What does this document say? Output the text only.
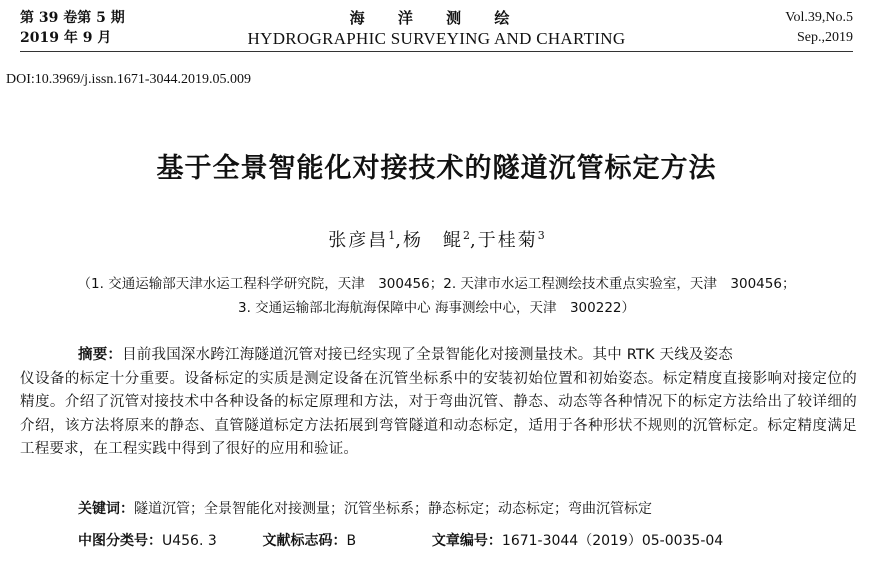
第 39 卷第 5 期
2019 年 9 月
海 洋 测 绘
HYDROGRAPHIC SURVEYING AND CHARTING
Vol.39,No.5
Sep.,2019
DOI:10.3969/j.issn.1671-3044.2019.05.009
基于全景智能化对接技术的隧道沉管标定方法
张彦昌$^1$,杨　鲲$^2$,于桂菊$^3$
（1. 交通运输部天津水运工程科学研究院，天津　300456；2. 天津市水运工程测绘技术重点实验室，天津　300456；
3. 交通运输部北海航海保障中心 海事测绘中心，天津　300222）
摘要：目前我国深水跨江海隧道沉管对接已经实现了全景智能化对接测量技术。其中 RTK 天线及姿态
仪设备的标定十分重要。设备标定的实质是测定设备在沉管坐标系中的安装初始位置和初始姿态。标定精度直接影响对接定位的精度。介绍了沉管对接技术中各种设备的标定原理和方法，对于弯曲沉管、静态、动态等各种情况下的标定方法给出了较详细的介绍，该方法将原来的静态、直管隧道标定方法拓展到弯管隧道和动态标定，适用于各种形状不规则的沉管标定。标定精度满足工程要求，在工程实践中得到了很好的应用和验证。
关键词：隧道沉管；全景智能化对接测量；沉管坐标系；静态标定；动态标定；弯曲沉管标定
中图分类号：U456. 3	文献标志码：B	文章编号：1671-3044（2019）05-0035-04
